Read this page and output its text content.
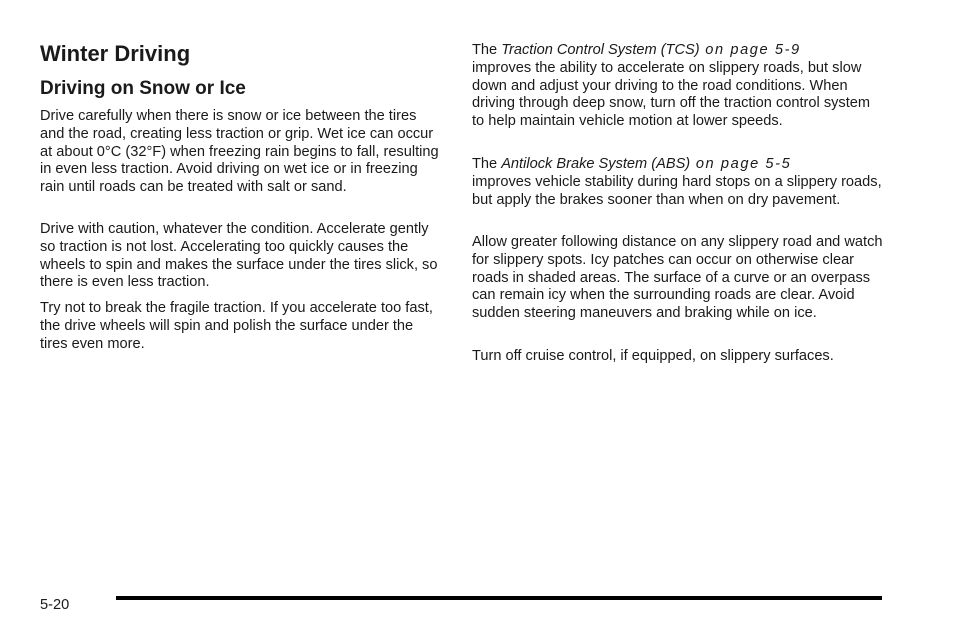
Winter Driving
Driving on Snow or Ice

Drive carefully when there is snow or ice between the tires and the road, creating less traction or grip. Wet ice can occur at about 0°C (32°F) when freezing rain begins to fall, resulting in even less traction. Avoid driving on wet ice or in freezing rain until roads can be treated with salt or sand.

Drive with caution, whatever the condition. Accelerate gently so traction is not lost. Accelerating too quickly causes the wheels to spin and makes the surface under the tires slick, so there is even less traction.

Try not to break the fragile traction. If you accelerate too fast, the drive wheels will spin and polish the surface under the tires even more.

The Traction Control System (TCS) on page 5-9
improves the ability to accelerate on slippery roads, but slow down and adjust your driving to the road conditions. When driving through deep snow, turn off the traction control system to help maintain vehicle motion at lower speeds.

The Antilock Brake System (ABS) on page 5-5
improves vehicle stability during hard stops on a slippery roads, but apply the brakes sooner than when on dry pavement.

Allow greater following distance on any slippery road and watch for slippery spots. Icy patches can occur on otherwise clear roads in shaded areas. The surface of a curve or an overpass can remain icy when the surrounding roads are clear. Avoid sudden steering maneuvers and braking while on ice.

Turn off cruise control, if equipped, on slippery surfaces.

5-20
